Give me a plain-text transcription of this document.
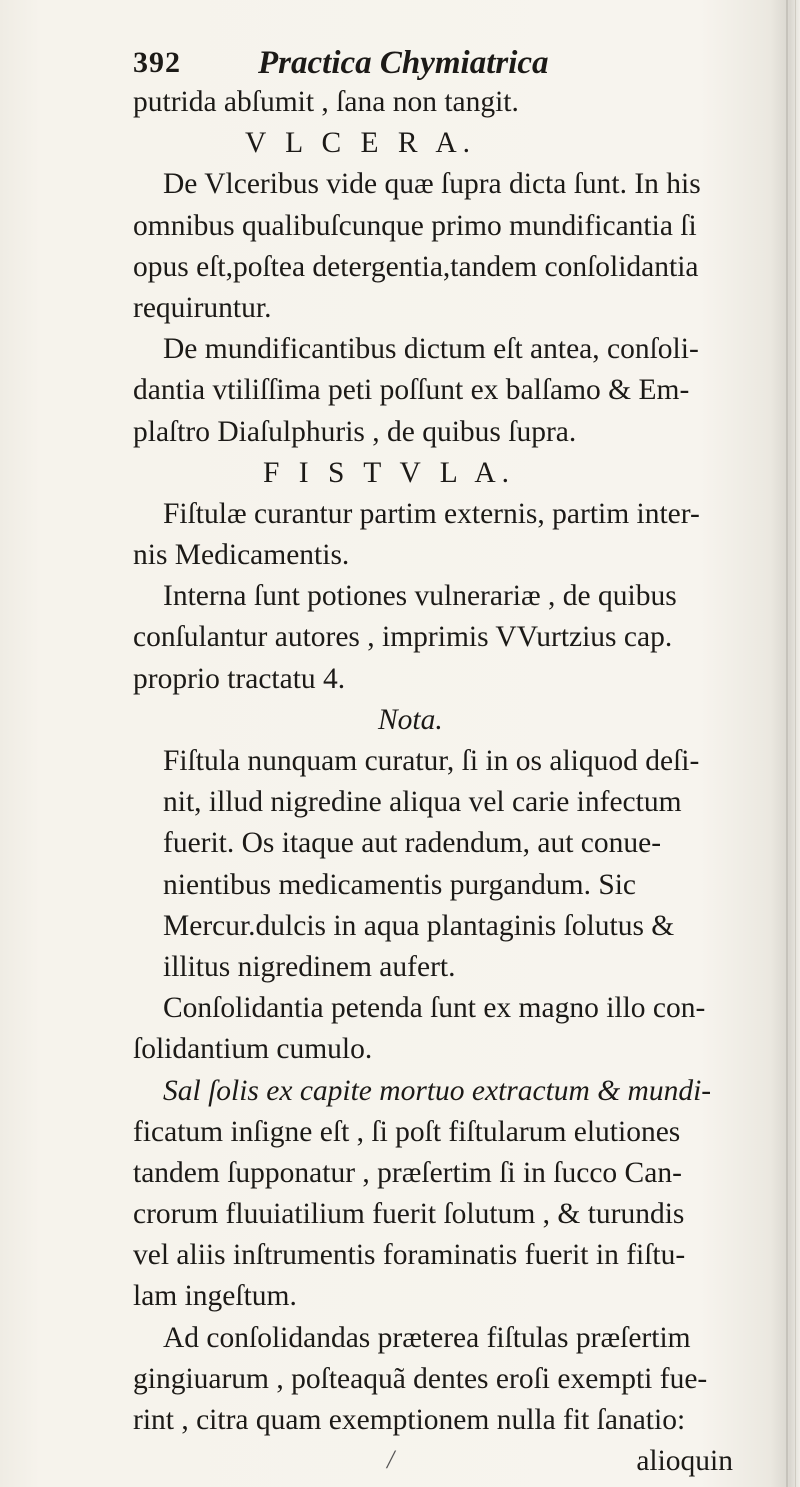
392 Practica Chymiatrica
putrida abſumit , ſana non tangit.
V L C E R A.
De Vlceribus vide quæ ſupra dicta ſunt. In his
omnibus qualibuſcunque primo mundificantia ſi
opus eſt,poſtea detergentia,tandem conſolidantia
requiruntur.
De mundificantibus dictum eſt antea, conſoli-
dantia vtiliſſima peti poſſunt ex balſamo & Em-
plaſtro Diaſulphuris , de quibus ſupra.
F I S T V L A.
Fiſtulæ curantur partim externis, partim inter-
nis Medicamentis.
Interna ſunt potiones vulnerariæ , de quibus
conſulantur autores , imprimis VVurtzius cap.
proprio tractatu 4.
Nota.
Fiſtula nunquam curatur, ſi in os aliquod deſi-
nit, illud nigredine aliqua vel carie infectum
fuerit. Os itaque aut radendum, aut conue-
nientibus medicamentis purgandum. Sic
Mercur.dulcis in aqua plantaginis ſolutus &
illitus nigredinem aufert.
Conſolidantia petenda ſunt ex magno illo con-
ſolidantium cumulo.
Sal ſolis ex capite mortuo extractum & mundi-
ficatum inſigne eſt , ſi poſt fiſtularum elutiones
tandem ſupponatur , præſertim ſi in ſucco Can-
crorum fluuiatilium fuerit ſolutum , & turundis
vel aliis inſtrumentis foraminatis fuerit in fiſtu-
lam ingeſtum.
Ad conſolidandas præterea fiſtulas præſertim
gingiuarum , poſteaquã dentes eroſi exempti fue-
rint , citra quam exemptionem nulla fit ſanatio:
alioquin
/
